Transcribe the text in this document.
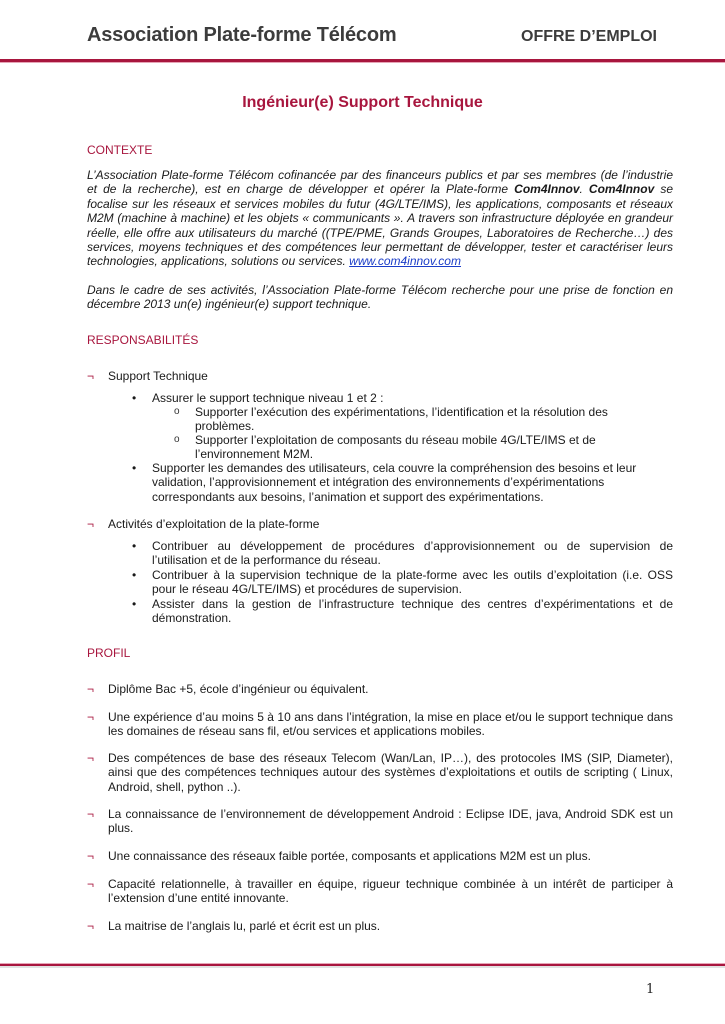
Association Plate-forme Télécom	OFFRE D’EMPLOI
Ingénieur(e) Support Technique
CONTEXTE
L’Association Plate-forme Télécom cofinancée par des financeurs publics et par ses membres (de l’industrie et de la recherche), est en charge de développer et opérer la Plate-forme Com4Innov. Com4Innov se focalise sur les réseaux et services mobiles du futur (4G/LTE/IMS), les applications, composants et réseaux M2M (machine à machine) et les objets « communicants ». A travers son infrastructure déployée en grandeur réelle, elle offre aux utilisateurs du marché ((TPE/PME, Grands Groupes, Laboratoires de Recherche…) des services, moyens techniques et des compétences leur permettant de développer, tester et caractériser leurs technologies, applications, solutions ou services. www.com4innov.com
Dans le cadre de ses activités, l’Association Plate-forme Télécom recherche pour une prise de fonction en décembre 2013 un(e) ingénieur(e) support technique.
RESPONSABILITÉS
¬	Support Technique
• Assurer le support technique niveau 1 et 2 :
o Supporter l’exécution des expérimentations, l’identification et la résolution des problèmes.
o Supporter l’exploitation de composants du réseau mobile 4G/LTE/IMS et de l’environnement M2M.
• Supporter les demandes des utilisateurs, cela couvre la compréhension des besoins et leur validation, l’approvisionnement et intégration des environnements d’expérimentations correspondants aux besoins, l’animation et support des expérimentations.
¬	Activités d’exploitation de la plate-forme
• Contribuer au développement de procédures d’approvisionnement ou de supervision de l’utilisation et de la performance du réseau.
• Contribuer à la supervision technique de la plate-forme avec les outils d’exploitation (i.e. OSS pour le réseau 4G/LTE/IMS) et procédures de supervision.
• Assister dans la gestion de l’infrastructure technique des centres d’expérimentations et de démonstration.
PROFIL
¬	Diplôme Bac +5, école d’ingénieur ou équivalent.
¬	Une expérience d’au moins 5 à 10 ans dans l’intégration, la mise en place et/ou le support technique dans les domaines de réseau sans fil, et/ou services et applications mobiles.
¬	Des compétences de base des réseaux Telecom (Wan/Lan, IP…), des protocoles IMS (SIP, Diameter), ainsi que des compétences techniques autour des systèmes d’exploitations et outils de scripting ( Linux, Android, shell, python ..).
¬	La connaissance de l’environnement de développement Android : Eclipse IDE, java, Android SDK est un plus.
¬	Une connaissance des réseaux faible portée, composants et applications M2M est un plus.
¬	Capacité relationnelle, à travailler en équipe, rigueur technique combinée à un intérêt de participer à l’extension d’une entité innovante.
¬	La maitrise de l’anglais lu, parlé et écrit est un plus.
1
